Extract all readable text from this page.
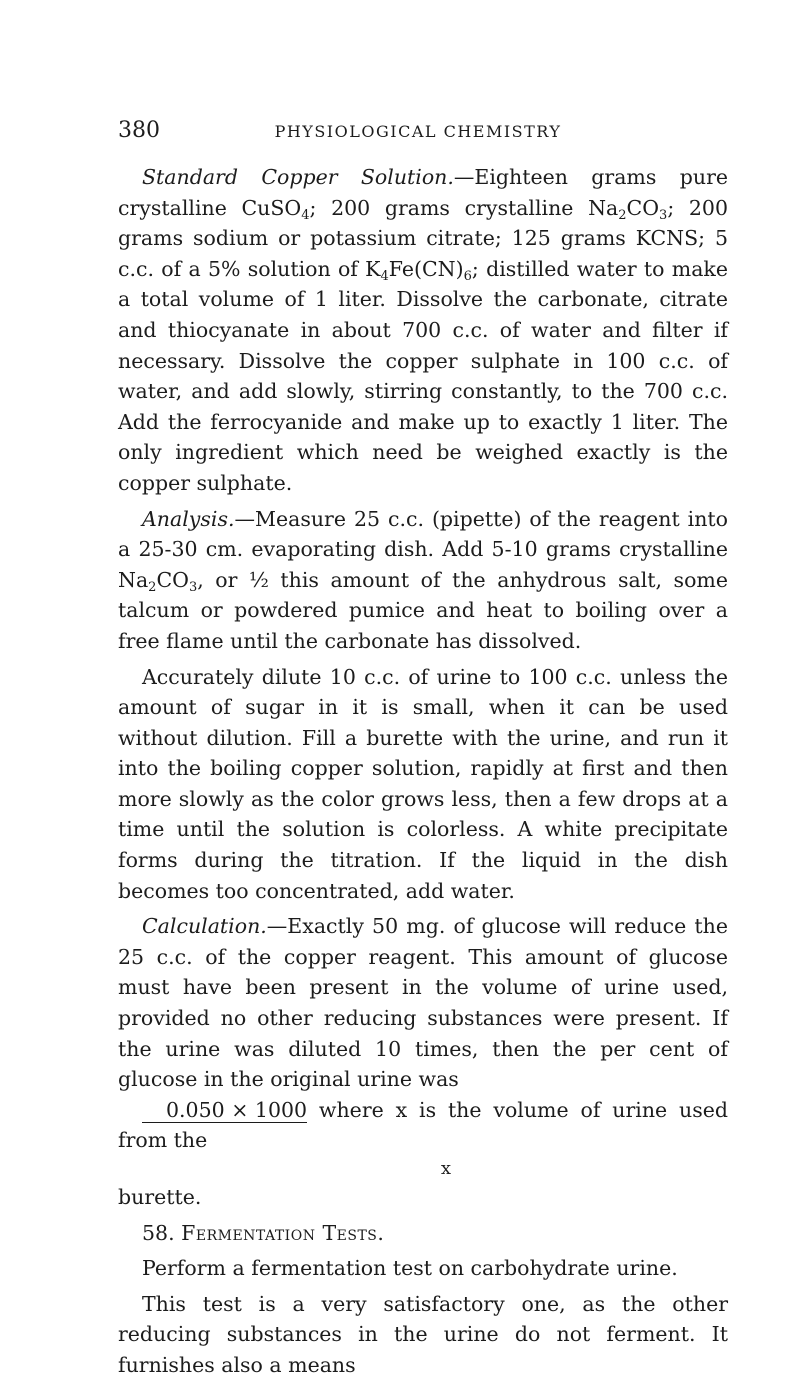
380	PHYSIOLOGICAL CHEMISTRY

Standard Copper Solution.—Eighteen grams pure crystalline CuSO$_4$; 200 grams crystalline $Na_2CO_3$; 200 grams sodium or potassium citrate; 125 grams KCNS; 5 c.c. of a 5% solution of $K_4Fe(CN)_6$; distilled water to make a total volume of 1 liter. Dissolve the carbonate, citrate and thiocyanate in about 700 c.c. of water and filter if necessary. Dissolve the copper sulphate in 100 c.c. of water, and add slowly, stirring constantly, to the 700 c.c. Add the ferrocyanide and make up to exactly 1 liter. The only ingredient which need be weighed exactly is the copper sulphate.

Analysis.—Measure 25 c.c. (pipette) of the reagent into a 25-30 cm. evaporating dish. Add 5-10 grams crystalline $Na_2CO_3$, or ½ this amount of the anhydrous salt, some talcum or powdered pumice and heat to boiling over a free flame until the carbonate has dissolved.

Accurately dilute 10 c.c. of urine to 100 c.c. unless the amount of sugar in it is small, when it can be used without dilution. Fill a burette with the urine, and run it into the boiling copper solution, rapidly at first and then more slowly as the color grows less, then a few drops at a time until the solution is colorless. A white precipitate forms during the titration. If the liquid in the dish becomes too concentrated, add water.

Calculation.—Exactly 50 mg. of glucose will reduce the 25 c.c. of the copper reagent. This amount of glucose must have been present in the volume of urine used, provided no other reducing substances were present. If the urine was diluted 10 times, then the per cent of glucose in the original urine was
0.050 × 1000 where x is the volume of urine used from the

x
burette.

58. Fermentation Tests.

Perform a fermentation test on carbohydrate urine.

This test is a very satisfactory one, as the other reducing substances in the urine do not ferment. It furnishes also a means
